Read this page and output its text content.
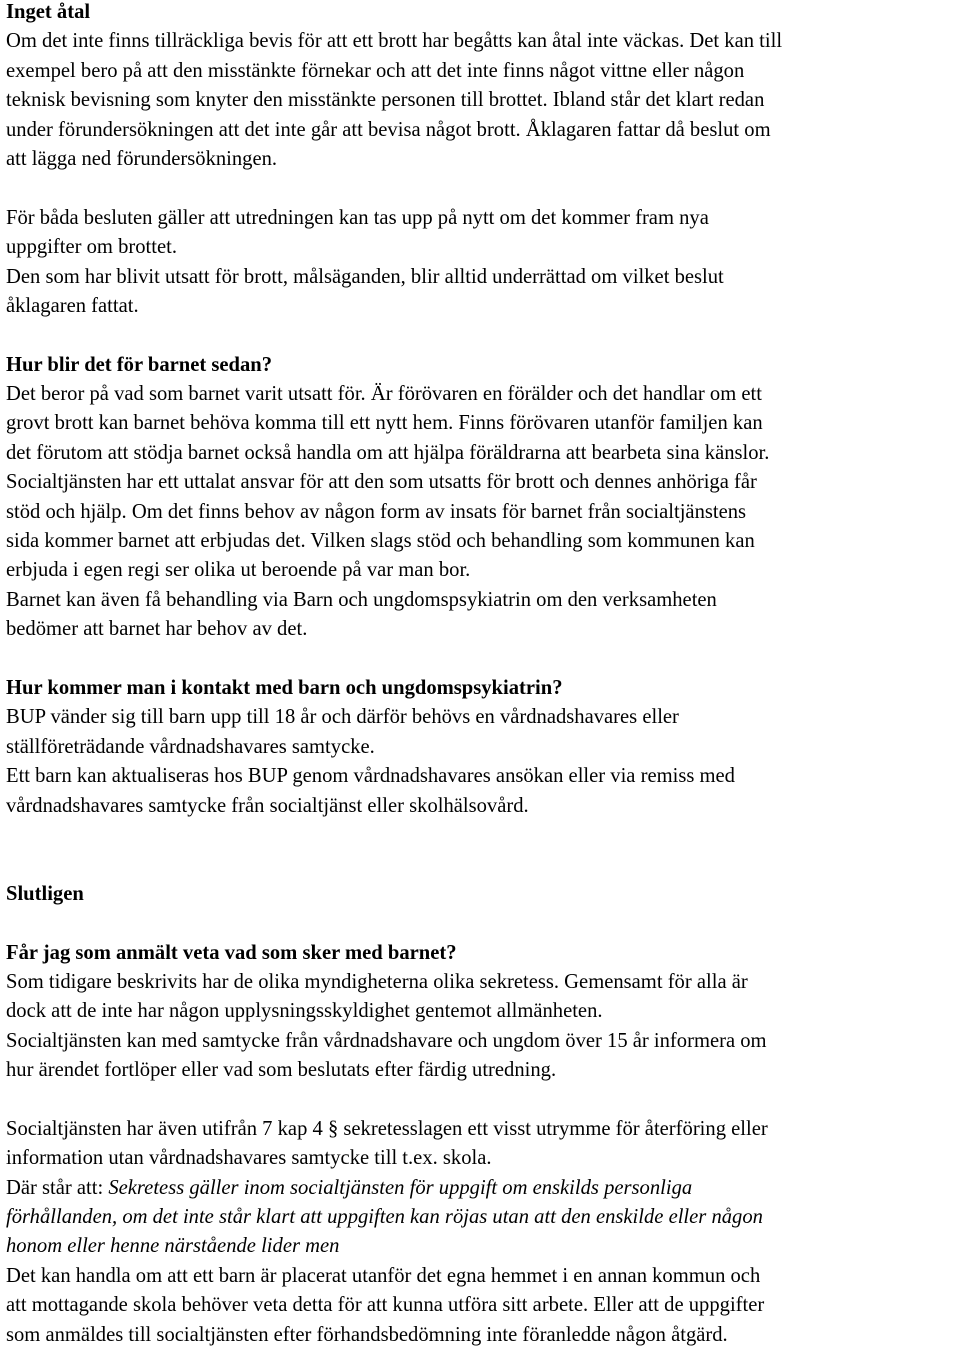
Inget åtal
Om det inte finns tillräckliga bevis för att ett brott har begåtts kan åtal inte väckas. Det kan till
exempel bero på att den misstänkte förnekar och att det inte finns något vittne eller någon
teknisk bevisning som knyter den misstänkte personen till brottet. Ibland står det klart redan
under förundersökningen att det inte går att bevisa något brott. Åklagaren fattar då beslut om
att lägga ned förundersökningen.
För båda besluten gäller att utredningen kan tas upp på nytt om det kommer fram nya
uppgifter om brottet.
Den som har blivit utsatt för brott, målsäganden, blir alltid underrättad om vilket beslut
åklagaren fattat.
Hur blir det för barnet sedan?
Det beror på vad som barnet varit utsatt för. Är förövaren en förälder och det handlar om ett
grovt brott kan barnet behöva komma till ett nytt hem. Finns förövaren utanför familjen kan
det förutom att stödja barnet också handla om att hjälpa föräldrarna att bearbeta sina känslor.
Socialtjänsten har ett uttalat ansvar för att den som utsatts för brott och dennes anhöriga får
stöd och hjälp. Om det finns behov av någon form av insats för barnet från socialtjänstens
sida kommer barnet att erbjudas det. Vilken slags stöd och behandling som kommunen kan
erbjuda i egen regi ser olika ut beroende på var man bor.
Barnet kan även få behandling via Barn och ungdomspsykiatrin om den verksamheten
bedömer att barnet har behov av det.
Hur kommer man i kontakt med barn och ungdomspsykiatrin?
BUP vänder sig till barn upp till 18 år och därför behövs en vårdnadshavares eller
ställföreträdande vårdnadshavares samtycke.
Ett barn kan aktualiseras hos BUP genom vårdnadshavares ansökan eller via remiss med
vårdnadshavares samtycke från socialtjänst eller skolhälsovård.
Slutligen
Får jag som anmält veta vad som sker med barnet?
Som tidigare beskrivits har de olika myndigheterna olika sekretess. Gemensamt för alla är
dock att de inte har någon upplysningsskyldighet gentemot allmänheten.
Socialtjänsten kan med samtycke från vårdnadshavare och ungdom över 15 år informera om
hur ärendet fortlöper eller vad som beslutats efter färdig utredning.
Socialtjänsten har även utifrån 7 kap 4 § sekretesslagen ett visst utrymme för återföring eller
information utan vårdnadshavares samtycke till t.ex. skola.
Där står att: Sekretess gäller inom socialtjänsten för uppgift om enskilds personliga
förhållanden, om det inte står klart att uppgiften kan röjas utan att den enskilde eller någon
honom eller henne närstående lider men
Det kan handla om att ett barn är placerat utanför det egna hemmet i en annan kommun och
att mottagande skola behöver veta detta för att kunna utföra sitt arbete. Eller att de uppgifter
som anmäldes till socialtjänsten efter förhandsbedömning inte föranledde någon åtgärd.
